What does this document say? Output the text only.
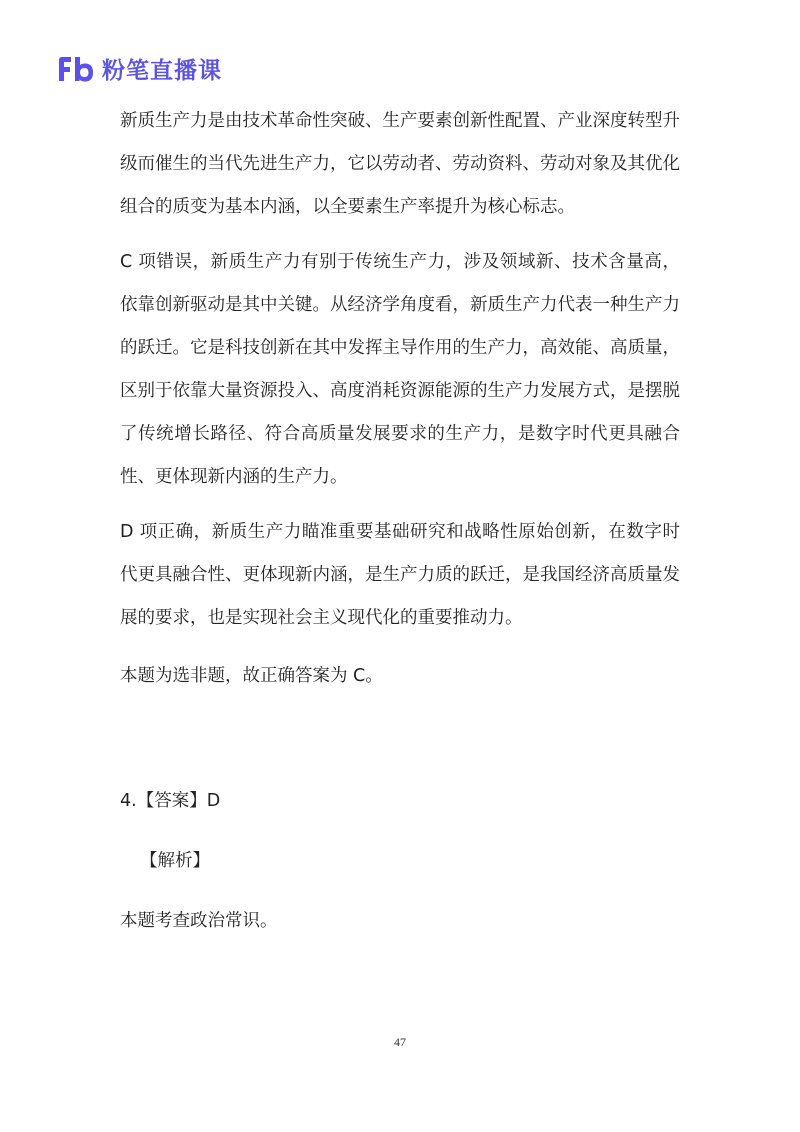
粉笔直播课

新质生产力是由技术革命性突破、生产要素创新性配置、产业深度转型升级而催生的当代先进生产力，它以劳动者、劳动资料、劳动对象及其优化组合的质变为基本内涵，以全要素生产率提升为核心标志。

C 项错误，新质生产力有别于传统生产力，涉及领域新、技术含量高，依靠创新驱动是其中关键。从经济学角度看，新质生产力代表一种生产力的跃迁。它是科技创新在其中发挥主导作用的生产力，高效能、高质量，区别于依靠大量资源投入、高度消耗资源能源的生产力发展方式，是摆脱了传统增长路径、符合高质量发展要求的生产力，是数字时代更具融合性、更体现新内涵的生产力。

D 项正确，新质生产力瞄准重要基础研究和战略性原始创新，在数字时代更具融合性、更体现新内涵，是生产力质的跃迁，是我国经济高质量发展的要求，也是实现社会主义现代化的重要推动力。

本题为选非题，故正确答案为 C。

4.【答案】D

【解析】

本题考查政治常识。

47
